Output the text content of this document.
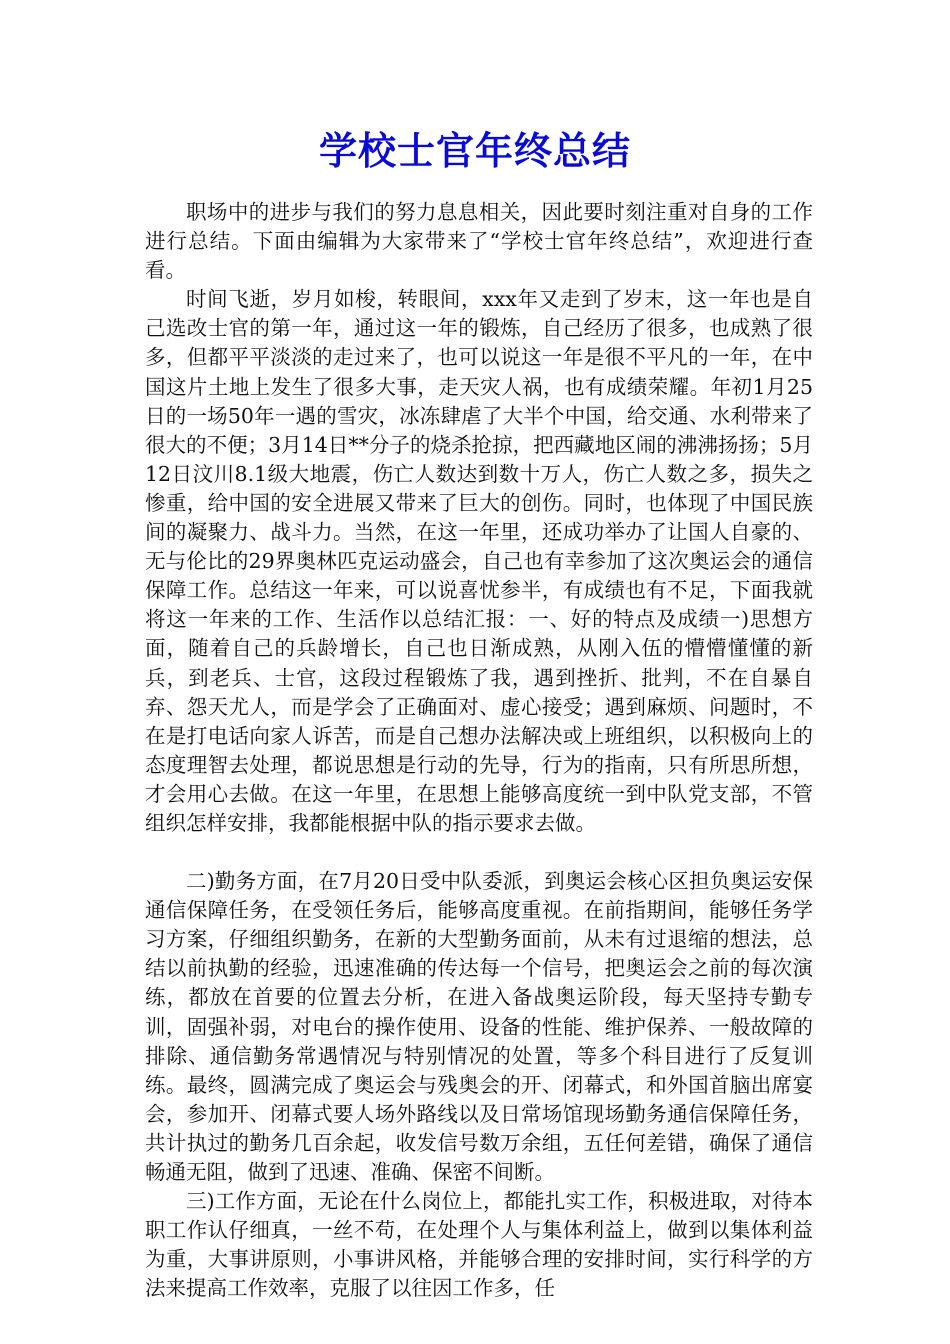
学校士官年终总结

职场中的进步与我们的努力息息相关，因此要时刻注重对自身的工作进行总结。下面由编辑为大家带来了“学校士官年终总结”，欢迎进行查看。

时间飞逝，岁月如梭，转眼间，xxx年又走到了岁末，这一年也是自己选改士官的第一年，通过这一年的锻炼，自己经历了很多，也成熟了很多，但都平平淡淡的走过来了，也可以说这一年是很不平凡的一年，在中国这片土地上发生了很多大事，走天灾人祸，也有成绩荣耀。年初1月25日的一场50年一遇的雪灾，冰冻肆虐了大半个中国，给交通、水利带来了很大的不便；3月14日**分子的烧杀抢掠，把西藏地区闹的沸沸扬扬；5月12日汶川8.1级大地震，伤亡人数达到数十万人，伤亡人数之多，损失之惨重，给中国的安全进展又带来了巨大的创伤。同时，也体现了中国民族间的凝聚力、战斗力。当然，在这一年里，还成功举办了让国人自豪的、无与伦比的29界奥林匹克运动盛会，自己也有幸参加了这次奥运会的通信保障工作。总结这一年来，可以说喜忧参半，有成绩也有不足，下面我就将这一年来的工作、生活作以总结汇报：一、好的特点及成绩一)思想方面，随着自己的兵龄增长，自己也日渐成熟，从刚入伍的懵懵懂懂的新兵，到老兵、士官，这段过程锻炼了我，遇到挫折、批判，不在自暴自弃、怨天尤人，而是学会了正确面对、虚心接受；遇到麻烦、问题时，不在是打电话向家人诉苦，而是自己想办法解决或上班组织，以积极向上的态度理智去处理，都说思想是行动的先导，行为的指南，只有所思所想，才会用心去做。在这一年里，在思想上能够高度统一到中队党支部，不管组织怎样安排，我都能根据中队的指示要求去做。

二)勤务方面，在7月20日受中队委派，到奥运会核心区担负奥运安保通信保障任务，在受领任务后，能够高度重视。在前指期间，能够任务学习方案，仔细组织勤务，在新的大型勤务面前，从未有过退缩的想法，总结以前执勤的经验，迅速准确的传达每一个信号，把奥运会之前的每次演练，都放在首要的位置去分析，在进入备战奥运阶段，每天坚持专勤专训，固强补弱，对电台的操作使用、设备的性能、维护保养、一般故障的排除、通信勤务常遇情况与特别情况的处置，等多个科目进行了反复训练。最终，圆满完成了奥运会与残奥会的开、闭幕式，和外国首脑出席宴会，参加开、闭幕式要人场外路线以及日常场馆现场勤务通信保障任务，共计执过的勤务几百余起，收发信号数万余组，五任何差错，确保了通信畅通无阻，做到了迅速、准确、保密不间断。

三)工作方面，无论在什么岗位上，都能扎实工作，积极进取，对待本职工作认仔细真，一丝不苟，在处理个人与集体利益上，做到以集体利益为重，大事讲原则，小事讲风格，并能够合理的安排时间，实行科学的方法来提高工作效率，克服了以往因工作多，任
